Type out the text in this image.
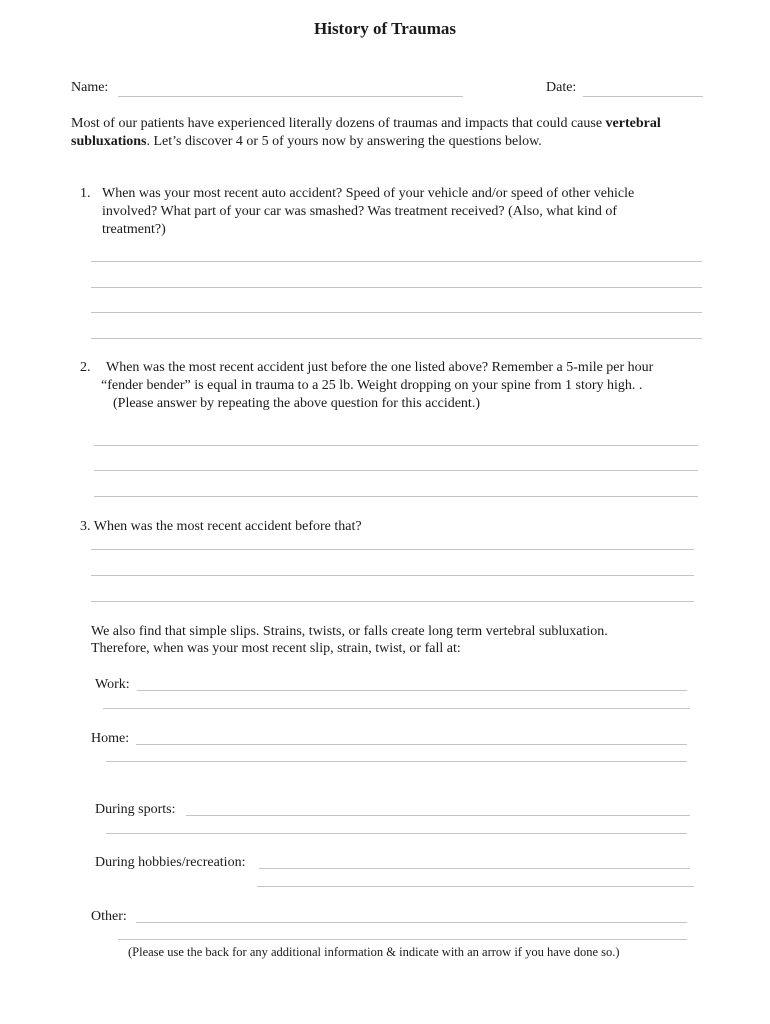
History of Traumas
Name:	Date:

Most of our patients have experienced literally dozens of traumas and impacts that could cause vertebral subluxations. Let’s discover 4 or 5 of yours now by answering the questions below.

1. When was your most recent auto accident? Speed of your vehicle and/or speed of other vehicle
involved? What part of your car was smashed? Was treatment received? (Also, what kind of
treatment?)
2. When was the most recent accident just before the one listed above? Remember a 5-mile per hour
“fender bender” is equal in trauma to a 25 lb. Weight dropping on your spine from 1 story high. .
(Please answer by repeating the above question for this accident.)
3. When was the most recent accident before that?
We also find that simple slips. Strains, twists, or falls create long term vertebral subluxation.
Therefore, when was your most recent slip, strain, twist, or fall at:
Work:
Home:
During sports:
During hobbies/recreation:
Other:
(Please use the back for any additional information & indicate with an arrow if you have done so.)
